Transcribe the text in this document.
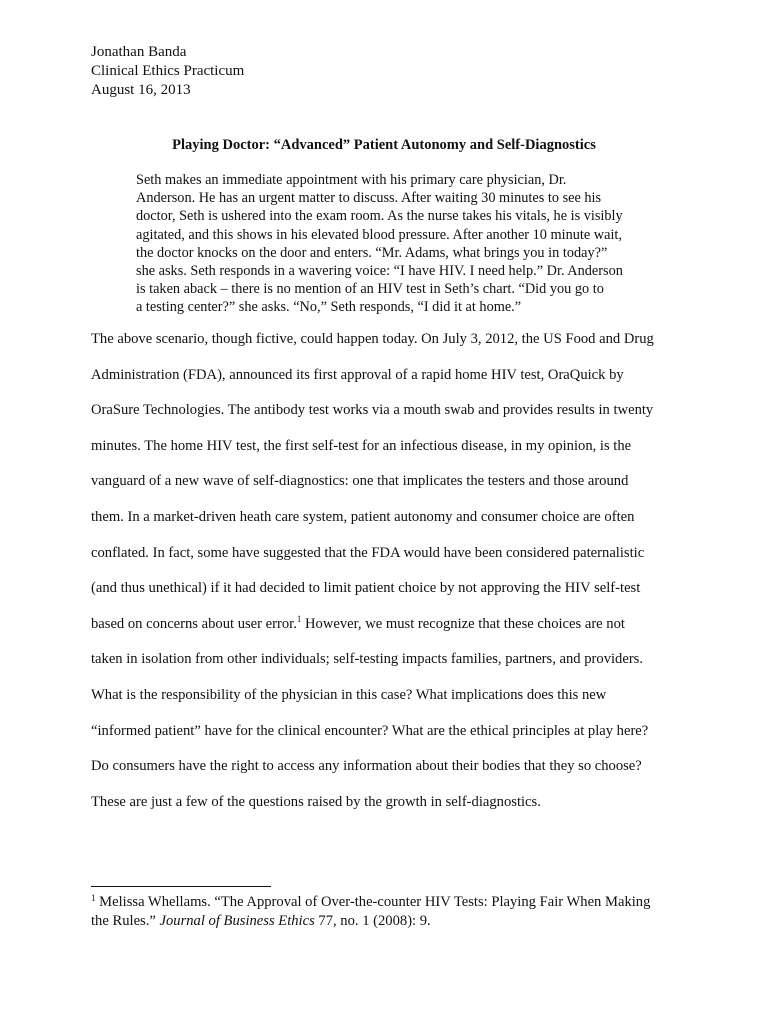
Jonathan Banda
Clinical Ethics Practicum
August 16, 2013
Playing Doctor: “Advanced” Patient Autonomy and Self-Diagnostics
Seth makes an immediate appointment with his primary care physician, Dr.
Anderson. He has an urgent matter to discuss. After waiting 30 minutes to see his
doctor, Seth is ushered into the exam room. As the nurse takes his vitals, he is visibly
agitated, and this shows in his elevated blood pressure. After another 10 minute wait,
the doctor knocks on the door and enters. “Mr. Adams, what brings you in today?”
she asks. Seth responds in a wavering voice: “I have HIV. I need help.” Dr. Anderson
is taken aback – there is no mention of an HIV test in Seth’s chart. “Did you go to
a testing center?” she asks. “No,” Seth responds, “I did it at home.”
The above scenario, though fictive, could happen today. On July 3, 2012, the US Food and Drug
Administration (FDA), announced its first approval of a rapid home HIV test, OraQuick by
OraSure Technologies. The antibody test works via a mouth swab and provides results in twenty
minutes. The home HIV test, the first self-test for an infectious disease, in my opinion, is the
vanguard of a new wave of self-diagnostics: one that implicates the testers and those around
them. In a market-driven heath care system, patient autonomy and consumer choice are often
conflated. In fact, some have suggested that the FDA would have been considered paternalistic
(and thus unethical) if it had decided to limit patient choice by not approving the HIV self-test
based on concerns about user error.$^1$ However, we must recognize that these choices are not
taken in isolation from other individuals; self-testing impacts families, partners, and providers.
What is the responsibility of the physician in this case? What implications does this new
“informed patient” have for the clinical encounter? What are the ethical principles at play here?
Do consumers have the right to access any information about their bodies that they so choose?
These are just a few of the questions raised by the growth in self-diagnostics.
$^1$ Melissa Whellams. “The Approval of Over-the-counter HIV Tests: Playing Fair When Making
the Rules.” Journal of Business Ethics 77, no. 1 (2008): 9.
